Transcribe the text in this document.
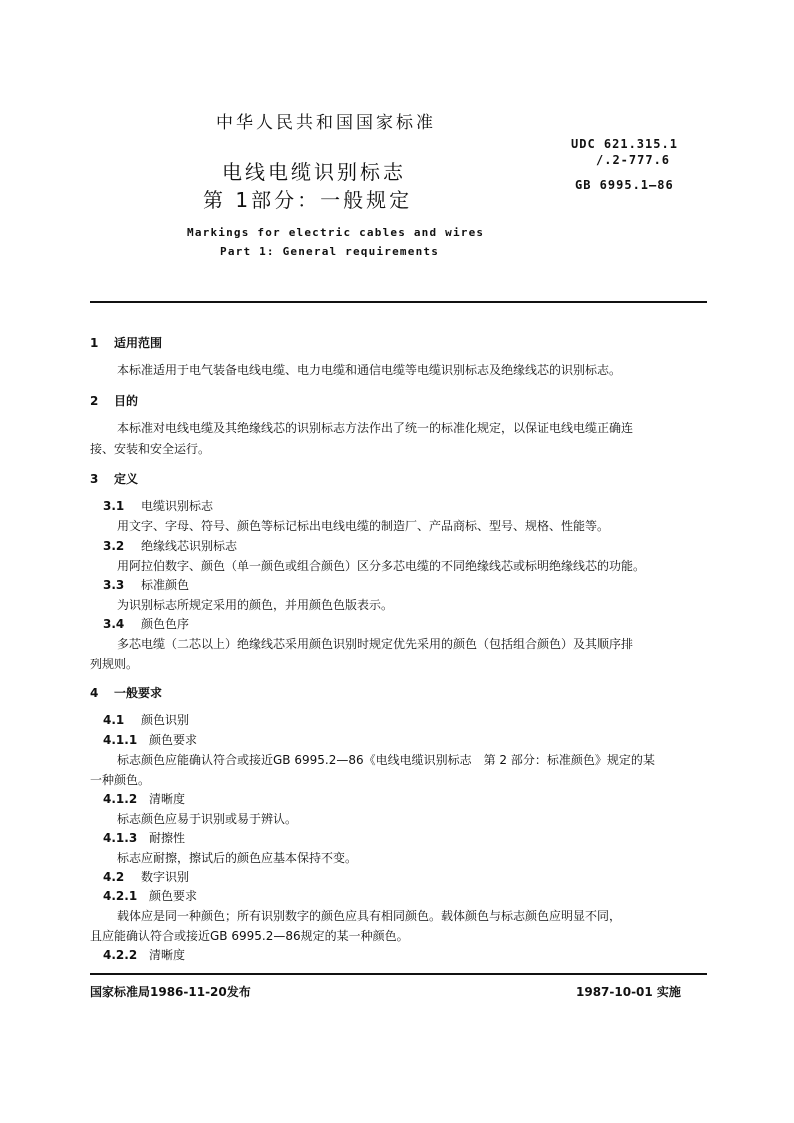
中华人民共和国国家标准
UDC 621.315.1
/.2-777.6
GB 6995.1—86
电线电缆识别标志
第 1部分：一般规定
Markings for electric cables and wires
Part 1: General requirements
1 适用范围
本标准适用于电气装备电线电缆、电力电缆和通信电缆等电缆识别标志及绝缘线芯的识别标志。
2 目的
本标准对电线电缆及其绝缘线芯的识别标志方法作出了统一的标准化规定，以保证电线电缆正确连
接、安装和安全运行。
3 定义
3.1 电缆识别标志
用文字、字母、符号、颜色等标记标出电线电缆的制造厂、产品商标、型号、规格、性能等。
3.2 绝缘线芯识别标志
用阿拉伯数字、颜色（单一颜色或组合颜色）区分多芯电缆的不同绝缘线芯或标明绝缘线芯的功能。
3.3 标准颜色
为识别标志所规定采用的颜色，并用颜色色版表示。
3.4 颜色色序
多芯电缆（二芯以上）绝缘线芯采用颜色识别时规定优先采用的颜色（包括组合颜色）及其顺序排
列规则。
4 一般要求
4.1 颜色识别
4.1.1 颜色要求
标志颜色应能确认符合或接近GB 6995.2—86《电线电缆识别标志　第 2 部分：标准颜色》规定的某
一种颜色。
4.1.2 清晰度
标志颜色应易于识别或易于辨认。
4.1.3 耐擦性
标志应耐擦，擦试后的颜色应基本保持不变。
4.2 数字识别
4.2.1 颜色要求
载体应是同一种颜色；所有识别数字的颜色应具有相同颜色。载体颜色与标志颜色应明显不同，
且应能确认符合或接近GB 6995.2—86规定的某一种颜色。
4.2.2 清晰度
国家标准局1986-11-20发布	1987-10-01 实施
